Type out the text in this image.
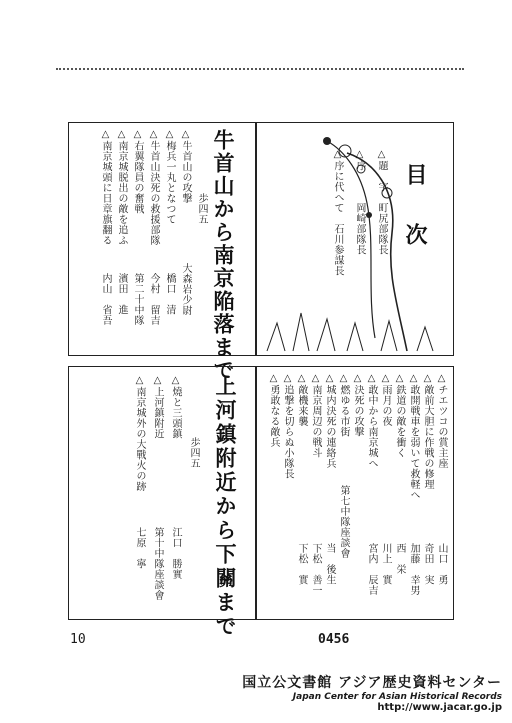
牛首山から南京陥落まで
歩四五
大森岩少尉
橋口　清
今村　留吉
第二十中隊
濱田　進
内山　省吾
△牛首山の攻撃
△梅兵一丸となつて
△牛首山決死の救援部隊
△右翼隊員の奮戦
△南京城脱出の敵を追ふ
△南京城頭に日章旗翻る	目
次
△題　字　町尻部隊長
△序　　　岡崎部隊長
△序に代へて　石川参謀長
上河鎮附近から下關まで
歩四五
△燒と三頭鎮
△上河鎮附近
△南京城外の大戰火の跡
江口　勝實
第十中隊座談會
七原　寧
△チエツコの賞主座
△敵前大胆に作戦の修理
△敢開戦車を弱いて救軽へ
△鉄道の敵を衝く
△雨月の夜
△敢中から南京城へ
△決死の攻撃
△燃ゆる市街
△城内決死の連絡兵
△南京周辺の戦斗
△敵機来襲
△追撃を切らぬ小隊長
△勇敢なる敵兵
山口　勇
奇田　実
加藤　幸男
西　栄
川上　實
宮内　辰吉
第七中隊座談會
当　後生
下松　善一
下松　實
10	0456
国立公文書館 アジア歴史資料センター
Japan Center for Asian Historical Records
http://www.jacar.go.jp
